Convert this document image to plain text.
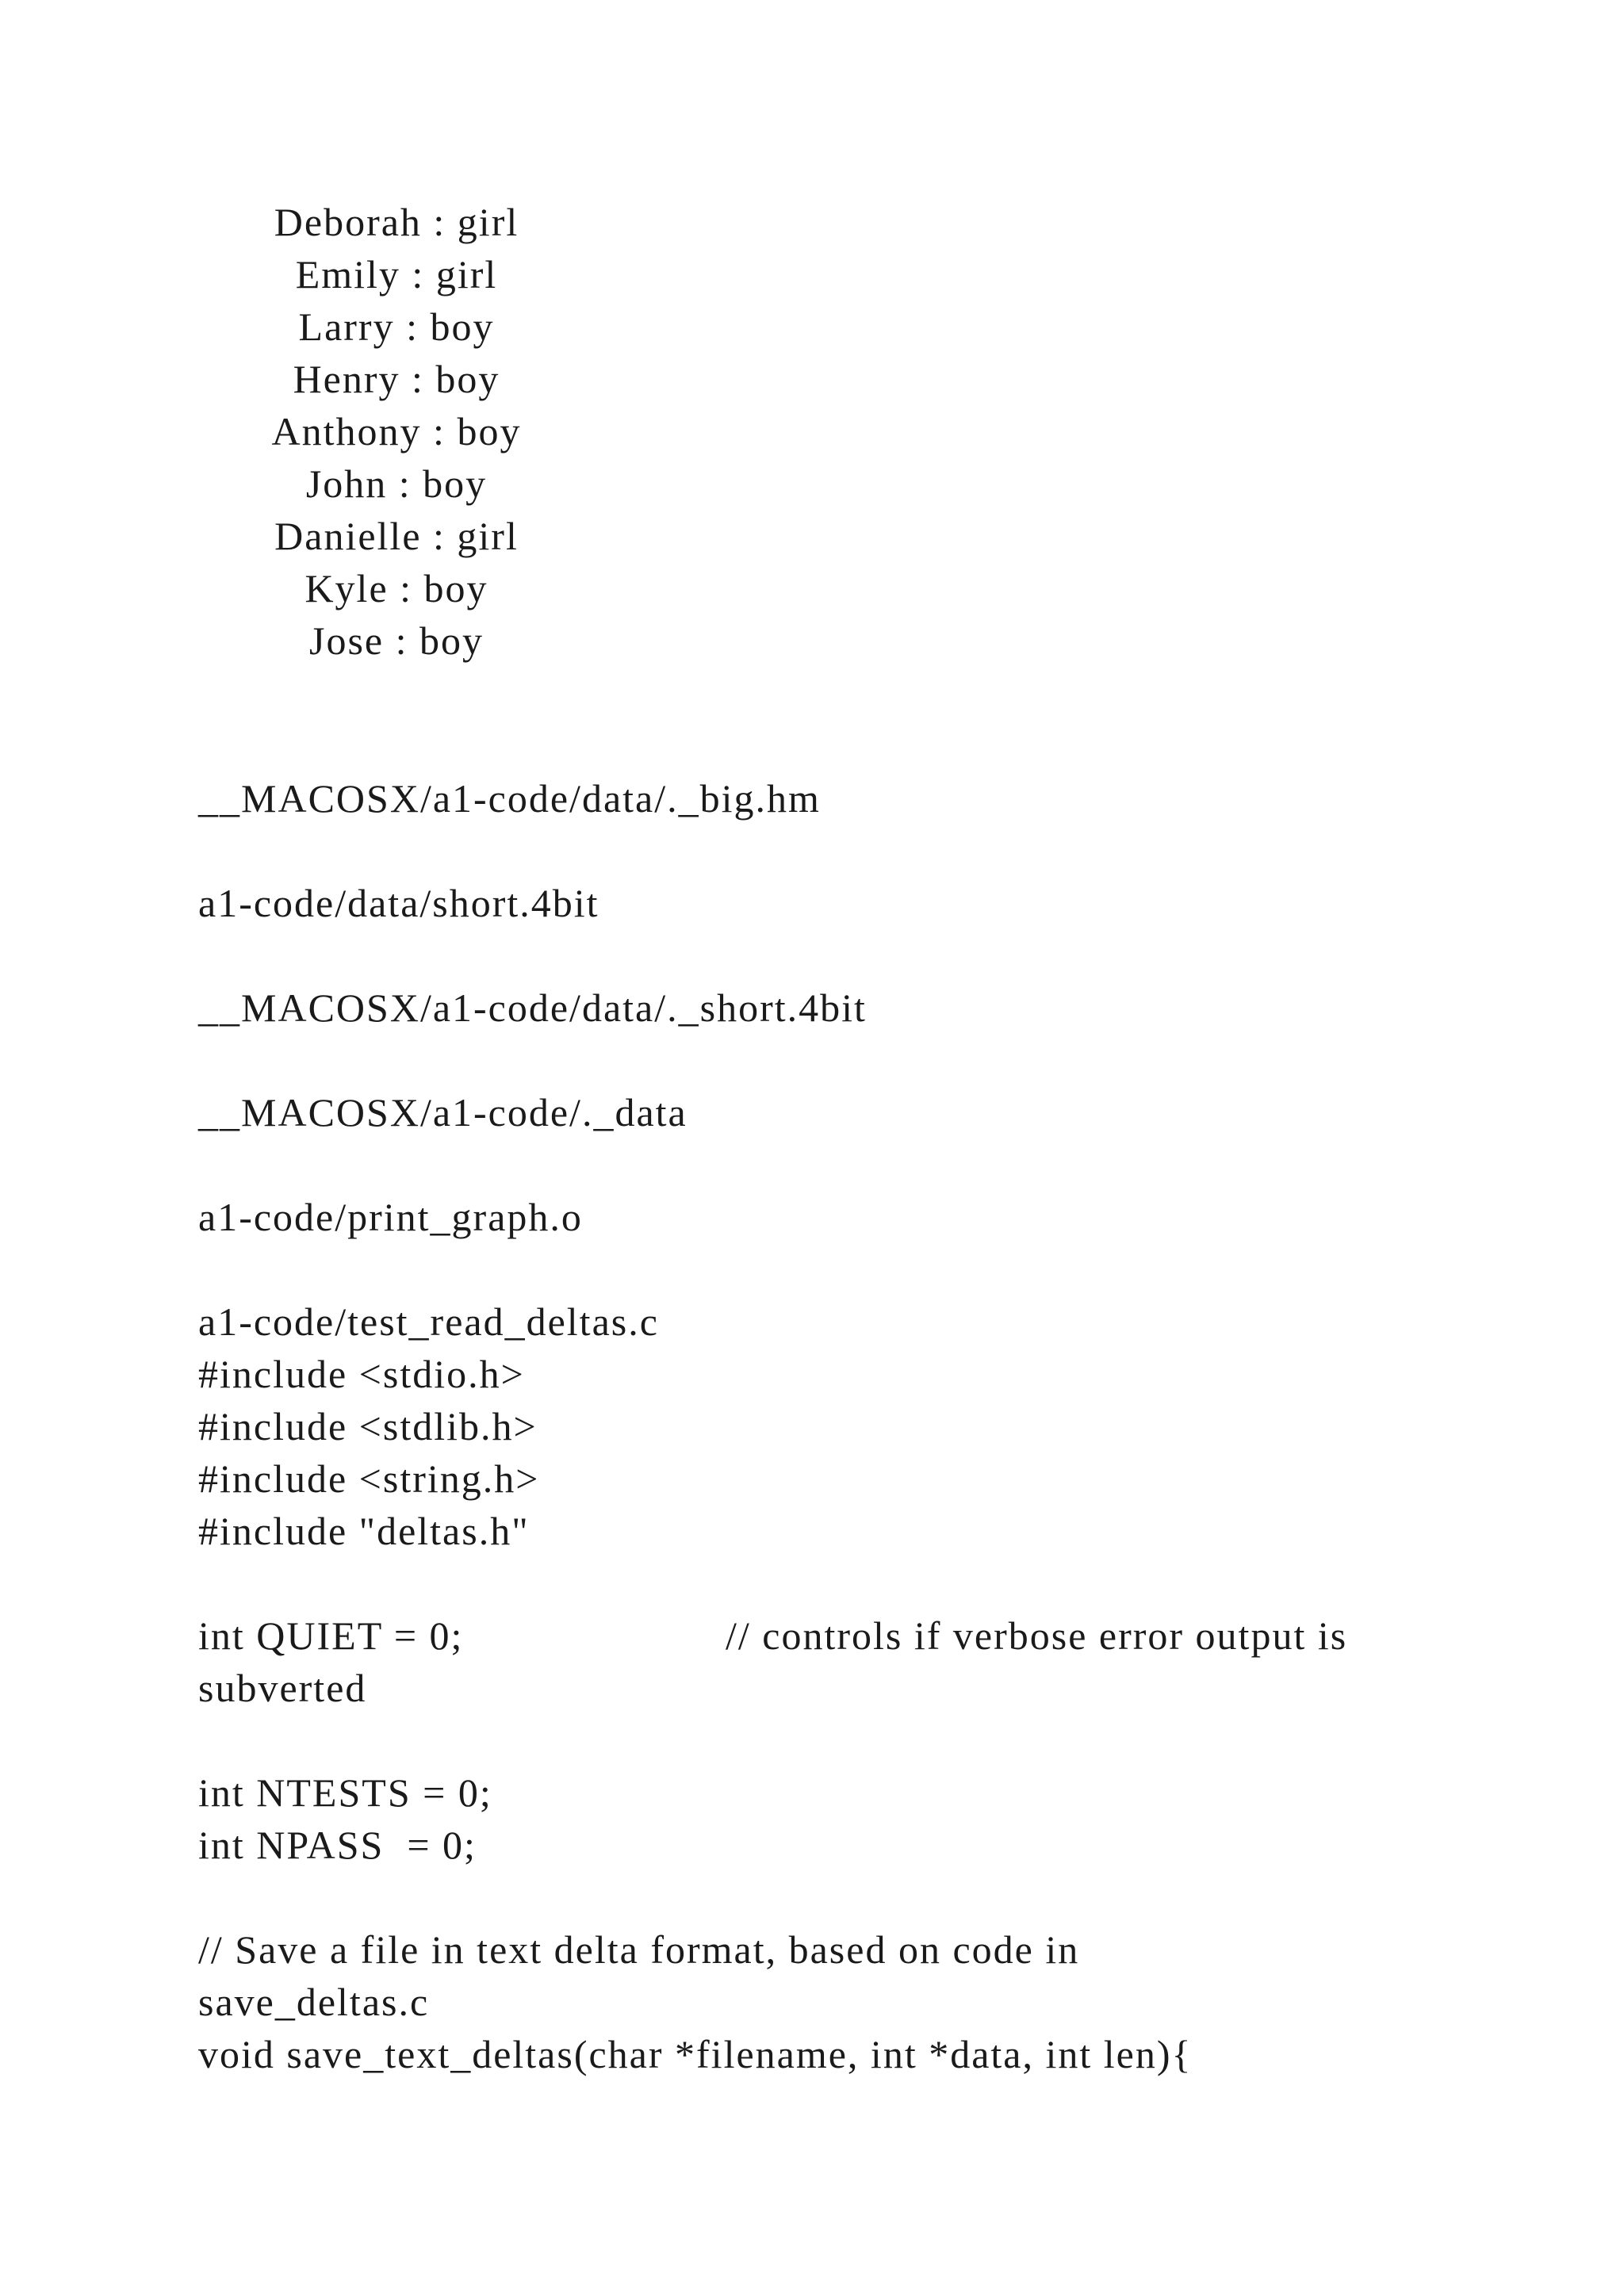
Deborah : girl
Emily : girl
Larry : boy
Henry : boy
Anthony : boy
John : boy
Danielle : girl
Kyle : boy
Jose : boy
__MACOSX/a1-code/data/._big.hm
a1-code/data/short.4bit
__MACOSX/a1-code/data/._short.4bit
__MACOSX/a1-code/._data
a1-code/print_graph.o
a1-code/test_read_deltas.c
#include <stdio.h>
#include <stdlib.h>
#include <string.h>
#include "deltas.h"
int QUIET = 0;	// controls if verbose error output is
subverted
int NTESTS = 0;
int NPASS  = 0;
// Save a file in text delta format, based on code in
save_deltas.c
void save_text_deltas(char *filename, int *data, int len){
